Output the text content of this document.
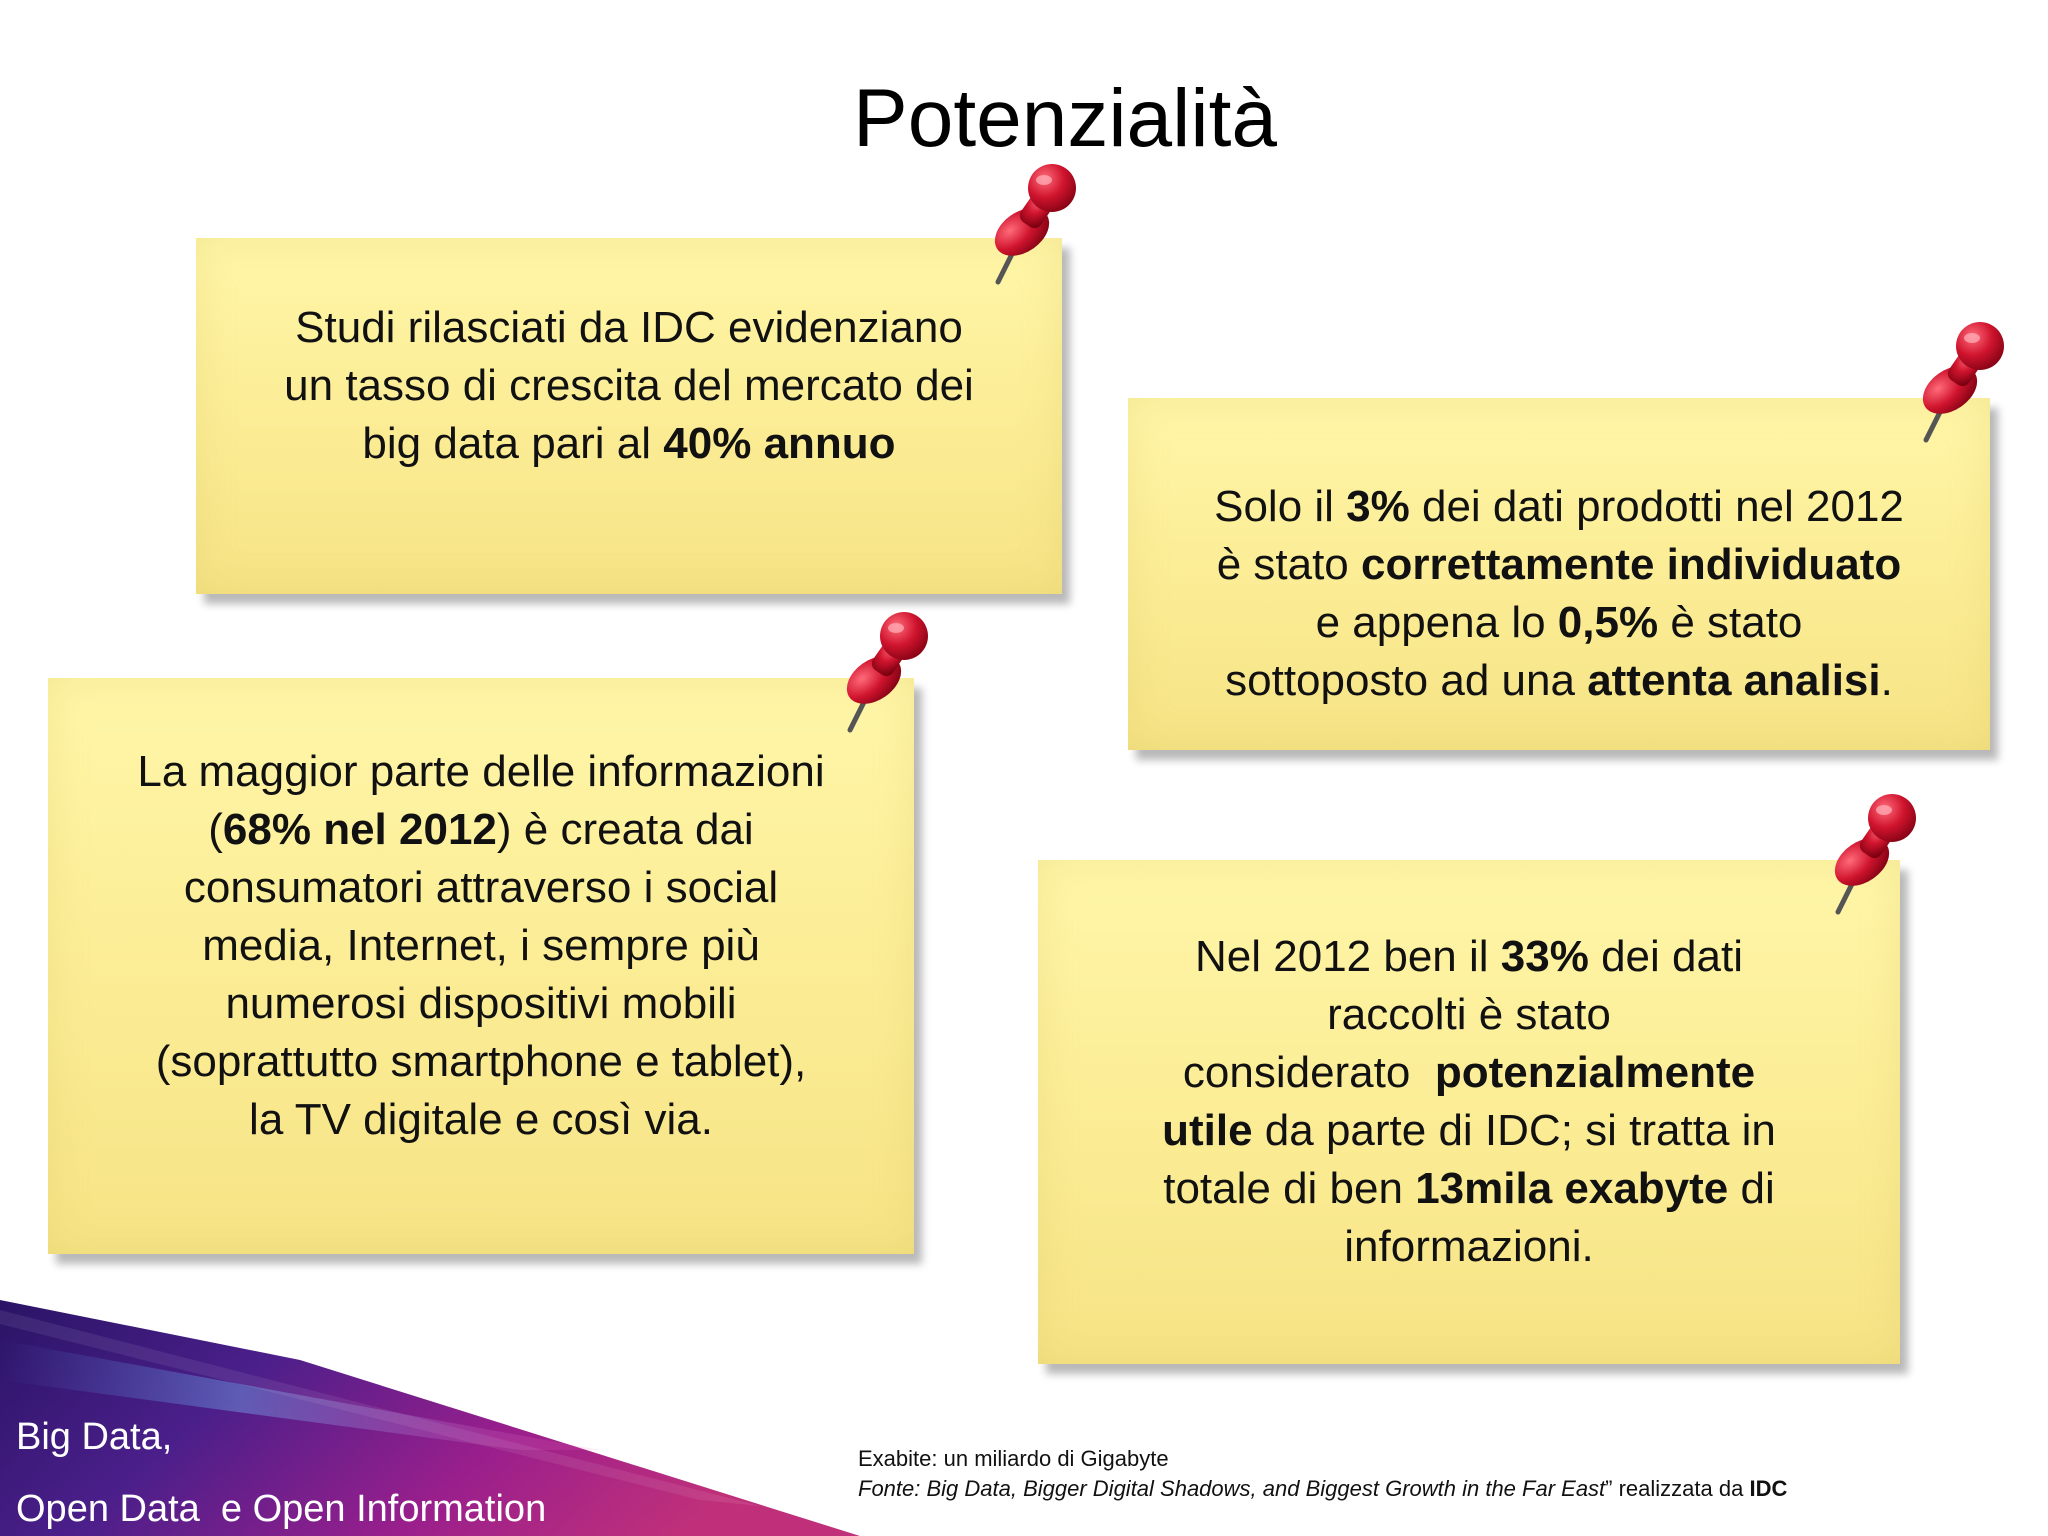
Potenzialità

Studi rilasciati da IDC evidenziano
un tasso di crescita del mercato dei
big data pari al 40% annuo

Solo il 3% dei dati prodotti nel 2012
è stato correttamente individuato
e appena lo 0,5% è stato
sottoposto ad una attenta analisi.

La maggior parte delle informazioni
(68% nel 2012) è creata dai
consumatori attraverso i social
media, Internet, i sempre più
numerosi dispositivi mobili
(soprattutto smartphone e tablet),
la TV digitale e così via.

Nel 2012 ben il 33% dei dati
raccolti è stato
considerato  potenzialmente
utile da parte di IDC; si tratta in
totale di ben 13mila exabyte di
informazioni.

Big Data,
Open Data  e Open Information
Exabite: un miliardo di Gigabyte
Fonte: Big Data, Bigger Digital Shadows, and Biggest Growth in the Far East” realizzata da IDC
